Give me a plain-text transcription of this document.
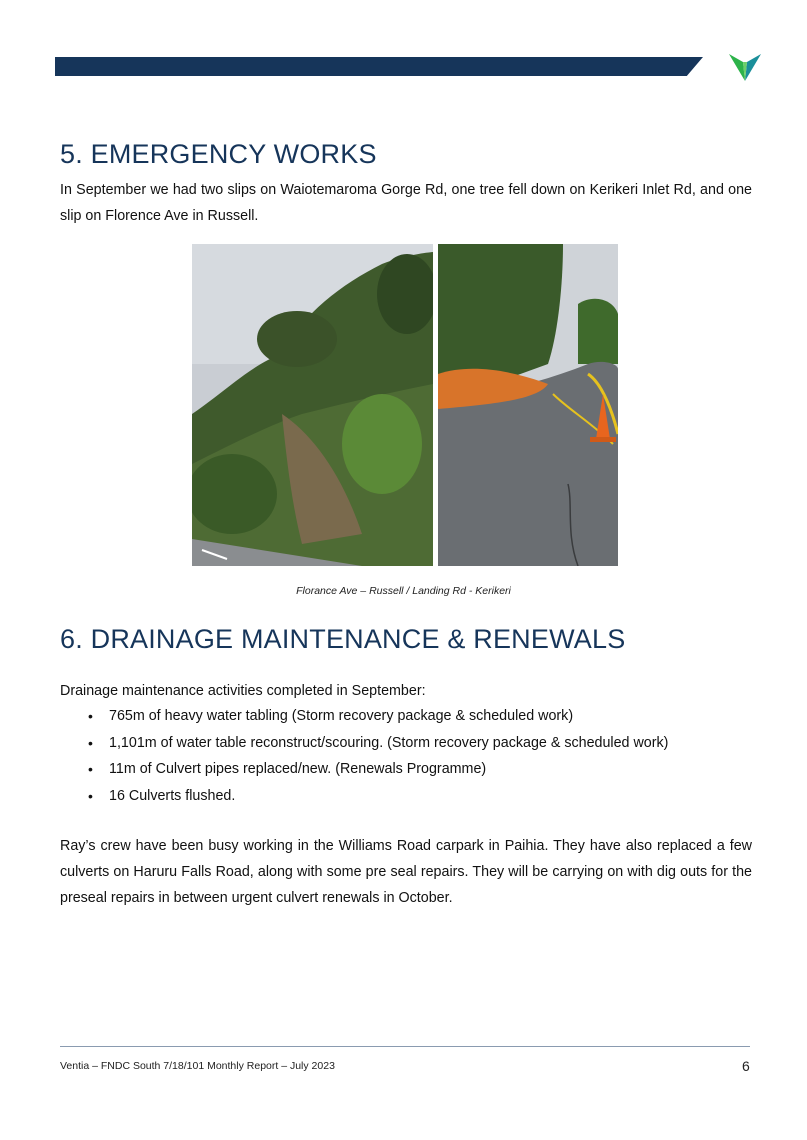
5. EMERGENCY WORKS

In September we had two slips on Waiotemaroma Gorge Rd, one tree fell down on Kerikeri Inlet Rd, and one slip on Florence Ave in Russell.

Florance Ave – Russell / Landing Rd - Kerikeri
6. DRAINAGE MAINTENANCE & RENEWALS

Drainage maintenance activities completed in September:

• 765m of heavy water tabling (Storm recovery package & scheduled work)
• 1,101m of water table reconstruct/scouring. (Storm recovery package & scheduled work)
• 11m of Culvert pipes replaced/new. (Renewals Programme)
• 16 Culverts flushed.

Ray’s crew have been busy working in the Williams Road carpark in Paihia. They have also replaced a few culverts on Haruru Falls Road, along with some pre seal repairs. They will be carrying on with dig outs for the preseal repairs in between urgent culvert renewals in October.

Ventia – FNDC South 7/18/101 Monthly Report – July 2023	6
